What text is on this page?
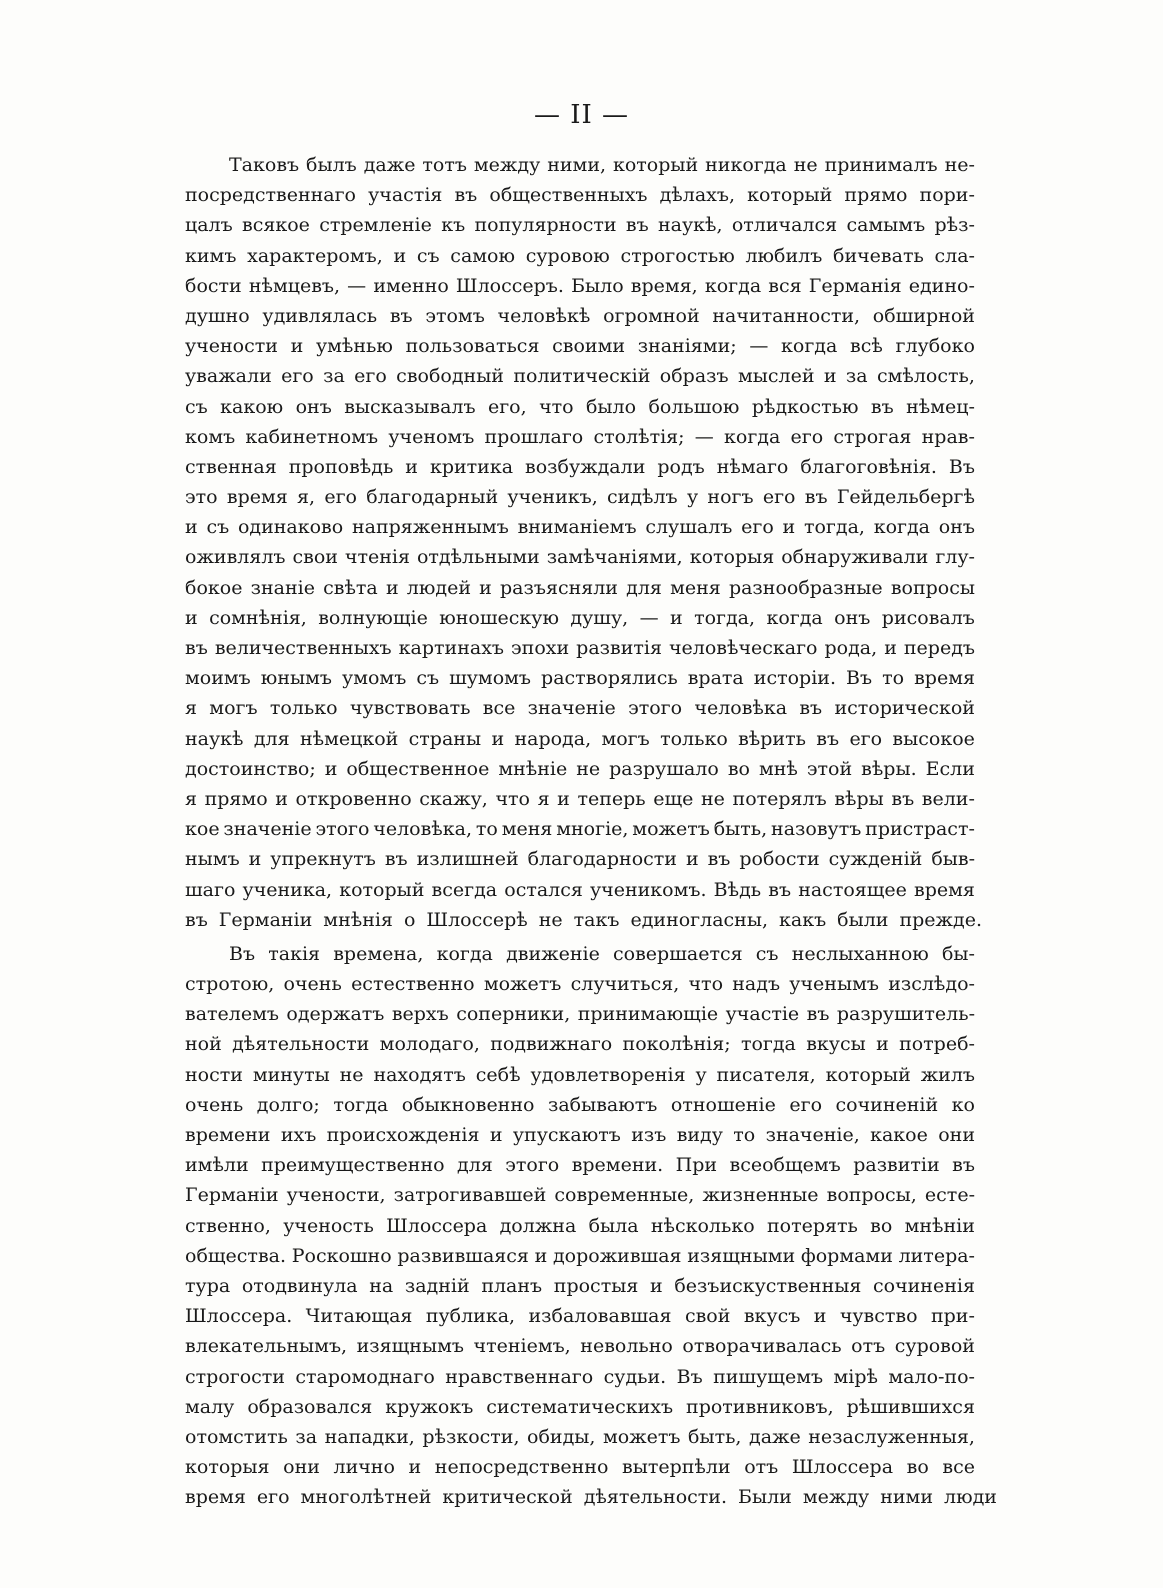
— II —
Таковъ былъ даже тотъ между ними, который никогда не принималъ не-
посредственнаго участія въ общественныхъ дѣлахъ, который прямо пори-
цалъ всякое стремленіе къ популярности въ наукѣ, отличался самымъ рѣз-
кимъ характеромъ, и съ самою суровою строгостью любилъ бичевать сла-
бости нѣмцевъ, — именно Шлоссеръ. Было время, когда вся Германія едино-
душно удивлялась въ этомъ человѣкѣ огромной начитанности, обширной
учености и умѣнью пользоваться своими знаніями; — когда всѣ глубоко
уважали его за его свободный политическій образъ мыслей и за смѣлость,
съ какою онъ высказывалъ его, что было большою рѣдкостью въ нѣмец-
комъ кабинетномъ ученомъ прошлаго столѣтія; — когда его строгая нрав-
ственная проповѣдь и критика возбуждали родъ нѣмаго благоговѣнія. Въ
это время я, его благодарный ученикъ, сидѣлъ у ногъ его въ Гейдельбергѣ
и съ одинаково напряженнымъ вниманіемъ слушалъ его и тогда, когда онъ
оживлялъ свои чтенія отдѣльными замѣчаніями, которыя обнаруживали глу-
бокое знаніе свѣта и людей и разъясняли для меня разнообразные вопросы
и сомнѣнія, волнующіе юношескую душу, — и тогда, когда онъ рисовалъ
въ величественныхъ картинахъ эпохи развитія человѣческаго рода, и передъ
моимъ юнымъ умомъ съ шумомъ растворялись врата исторіи. Въ то время
я могъ только чувствовать все значеніе этого человѣка въ исторической
наукѣ для нѣмецкой страны и народа, могъ только вѣрить въ его высокое
достоинство; и общественное мнѣніе не разрушало во мнѣ этой вѣры. Если
я прямо и откровенно скажу, что я и теперь еще не потерялъ вѣры въ вели-
кое значеніе этого человѣка, то меня многіе, можетъ быть, назовутъ пристраст-
нымъ и упрекнутъ въ излишней благодарности и въ робости сужденій быв-
шаго ученика, который всегда остался ученикомъ. Вѣдь въ настоящее время
въ Германіи мнѣнія о Шлоссерѣ не такъ единогласны, какъ были прежде.
Въ такія времена, когда движеніе совершается съ неслыханною бы-
стротою, очень естественно можетъ случиться, что надъ ученымъ изслѣдо-
вателемъ одержатъ верхъ соперники, принимающіе участіе въ разрушитель-
ной дѣятельности молодаго, подвижнаго поколѣнія; тогда вкусы и потреб-
ности минуты не находятъ себѣ удовлетворенія у писателя, который жилъ
очень долго; тогда обыкновенно забываютъ отношеніе его сочиненій ко
времени ихъ происхожденія и упускаютъ изъ виду то значеніе, какое они
имѣли преимущественно для этого времени. При всеобщемъ развитіи въ
Германіи учености, затрогивавшей современные, жизненные вопросы, есте-
ственно, ученость Шлоссера должна была нѣсколько потерять во мнѣніи
общества. Роскошно развившаяся и дорожившая изящными формами литера-
тура отодвинула на задній планъ простыя и безъискуственныя сочиненія
Шлоссера. Читающая публика, избаловавшая свой вкусъ и чувство при-
влекательнымъ, изящнымъ чтеніемъ, невольно отворачивалась отъ суровой
строгости старомоднаго нравственнаго судьи. Въ пишущемъ мірѣ мало-по-
малу образовался кружокъ систематическихъ противниковъ, рѣшившихся
отомстить за нападки, рѣзкости, обиды, можетъ быть, даже незаслуженныя,
которыя они лично и непосредственно вытерпѣли отъ Шлоссера во все
время его многолѣтней критической дѣятельности. Были между ними люди
